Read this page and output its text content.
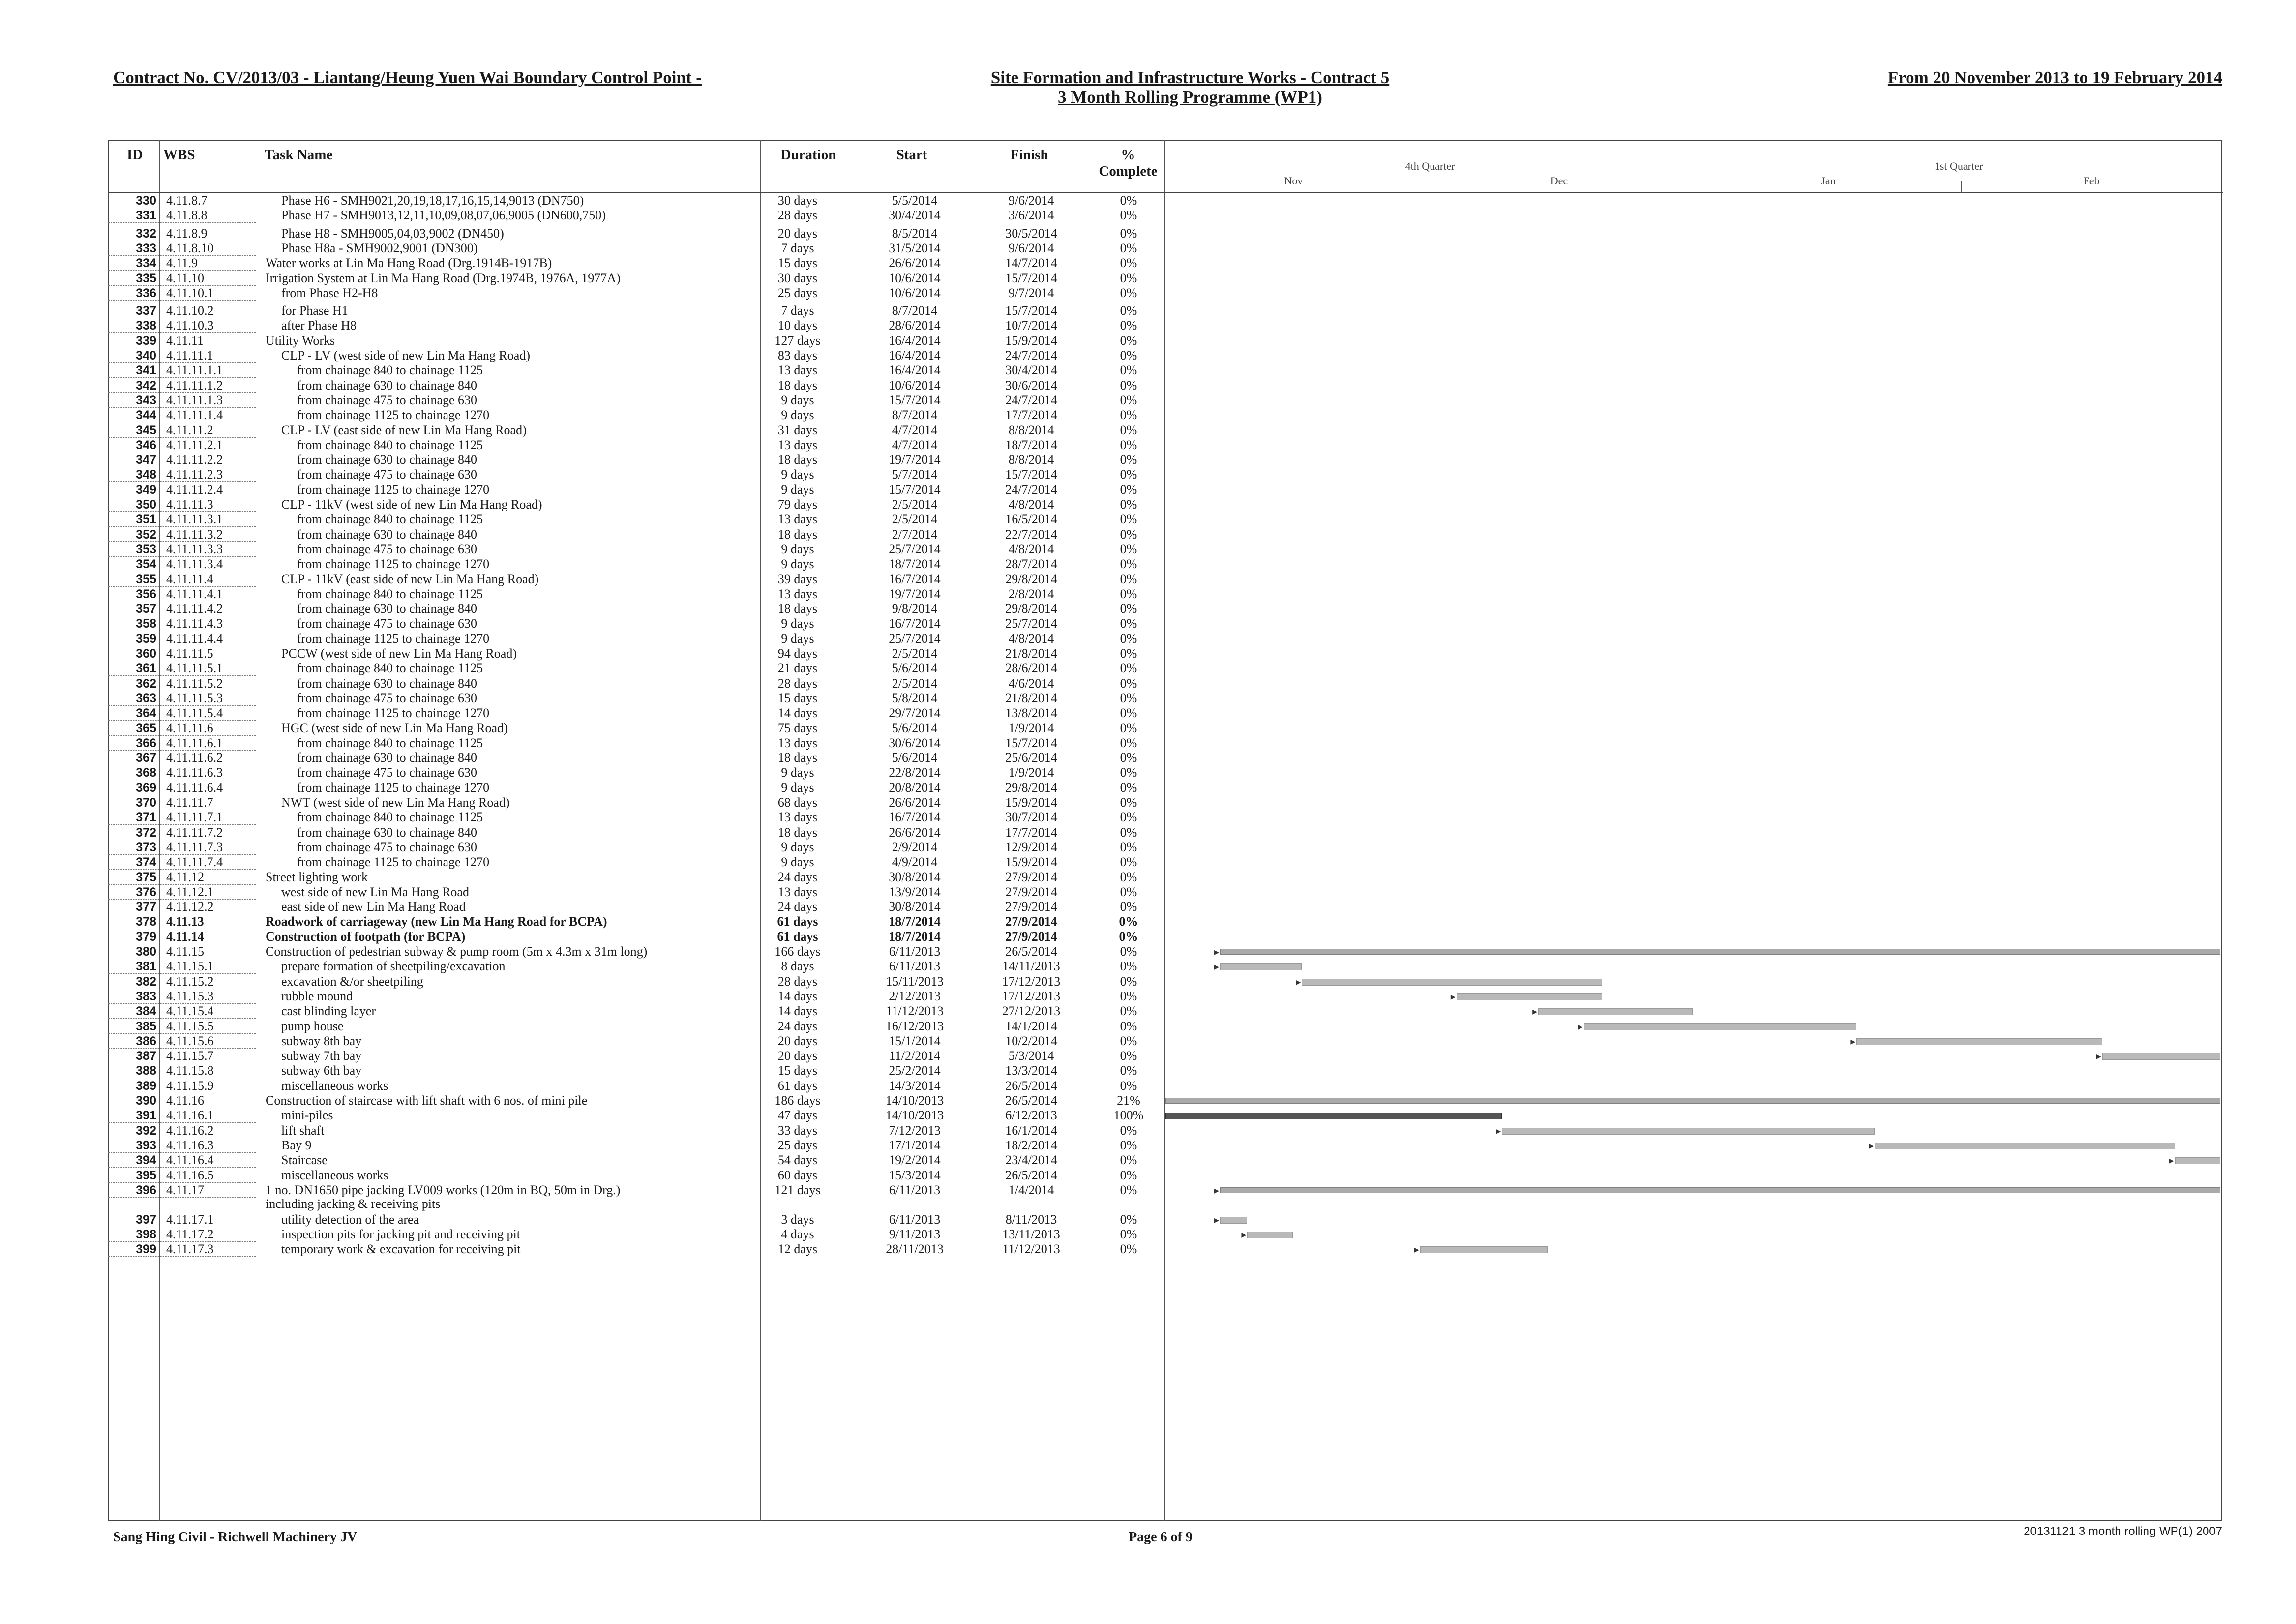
Contract No. CV/2013/03 - Liantang/Heung Yuen Wai Boundary Control Point -	Site Formation and Infrastructure Works - Contract 5
3 Month Rolling Programme (WP1)
From 20 November 2013 to 19 February 2014
ID WBS	Task Name	Duration	Start	Finish	%
Complete	4th Quarter	1st Quarter
Nov	Dec	Jan	Feb
330 4.11.8.7	Phase H6 - SMH9021,20,19,18,17,16,15,14,9013 (DN750)	30 days	5/5/2014	9/6/2014	0%
331 4.11.8.8	Phase H7 - SMH9013,12,11,10,09,08,07,06,9005 (DN600,750)	28 days	30/4/2014	3/6/2014	0%
332 4.11.8.9	Phase H8 - SMH9005,04,03,9002 (DN450)	20 days	8/5/2014	30/5/2014	0%
333 4.11.8.10	Phase H8a - SMH9002,9001 (DN300)	7 days	31/5/2014	9/6/2014	0%
334 4.11.9	Water works at Lin Ma Hang Road (Drg.1914B-1917B)	15 days	26/6/2014	14/7/2014	0%
335 4.11.10	Irrigation System at Lin Ma Hang Road (Drg.1974B, 1976A, 1977A)	30 days	10/6/2014	15/7/2014	0%
336 4.11.10.1	from Phase H2-H8	25 days	10/6/2014	9/7/2014	0%
337 4.11.10.2	for Phase H1	7 days	8/7/2014	15/7/2014	0%
338 4.11.10.3	after Phase H8	10 days	28/6/2014	10/7/2014	0%
339 4.11.11	Utility Works	127 days	16/4/2014	15/9/2014	0%
340 4.11.11.1	CLP - LV (west side of new Lin Ma Hang Road)	83 days	16/4/2014	24/7/2014	0%
341 4.11.11.1.1	from chainage 840 to chainage 1125	13 days	16/4/2014	30/4/2014	0%
342 4.11.11.1.2	from chainage 630 to chainage 840	18 days	10/6/2014	30/6/2014	0%
343 4.11.11.1.3	from chainage 475 to chainage 630	9 days	15/7/2014	24/7/2014	0%
344 4.11.11.1.4	from chainage 1125 to chainage 1270	9 days	8/7/2014	17/7/2014	0%
345 4.11.11.2	CLP - LV (east side of new Lin Ma Hang Road)	31 days	4/7/2014	8/8/2014	0%
346 4.11.11.2.1	from chainage 840 to chainage 1125	13 days	4/7/2014	18/7/2014	0%
347 4.11.11.2.2	from chainage 630 to chainage 840	18 days	19/7/2014	8/8/2014	0%
348 4.11.11.2.3	from chainage 475 to chainage 630	9 days	5/7/2014	15/7/2014	0%
349 4.11.11.2.4	from chainage 1125 to chainage 1270	9 days	15/7/2014	24/7/2014	0%
350 4.11.11.3	CLP - 11kV (west side of new Lin Ma Hang Road)	79 days	2/5/2014	4/8/2014	0%
351 4.11.11.3.1	from chainage 840 to chainage 1125	13 days	2/5/2014	16/5/2014	0%
352 4.11.11.3.2	from chainage 630 to chainage 840	18 days	2/7/2014	22/7/2014	0%
353 4.11.11.3.3	from chainage 475 to chainage 630	9 days	25/7/2014	4/8/2014	0%
354 4.11.11.3.4	from chainage 1125 to chainage 1270	9 days	18/7/2014	28/7/2014	0%
355 4.11.11.4	CLP - 11kV (east side of new Lin Ma Hang Road)	39 days	16/7/2014	29/8/2014	0%
356 4.11.11.4.1	from chainage 840 to chainage 1125	13 days	19/7/2014	2/8/2014	0%
357 4.11.11.4.2	from chainage 630 to chainage 840	18 days	9/8/2014	29/8/2014	0%
358 4.11.11.4.3	from chainage 475 to chainage 630	9 days	16/7/2014	25/7/2014	0%
359 4.11.11.4.4	from chainage 1125 to chainage 1270	9 days	25/7/2014	4/8/2014	0%
360 4.11.11.5	PCCW (west side of new Lin Ma Hang Road)	94 days	2/5/2014	21/8/2014	0%
361 4.11.11.5.1	from chainage 840 to chainage 1125	21 days	5/6/2014	28/6/2014	0%
362 4.11.11.5.2	from chainage 630 to chainage 840	28 days	2/5/2014	4/6/2014	0%
363 4.11.11.5.3	from chainage 475 to chainage 630	15 days	5/8/2014	21/8/2014	0%
364 4.11.11.5.4	from chainage 1125 to chainage 1270	14 days	29/7/2014	13/8/2014	0%
365 4.11.11.6	HGC (west side of new Lin Ma Hang Road)	75 days	5/6/2014	1/9/2014	0%
366 4.11.11.6.1	from chainage 840 to chainage 1125	13 days	30/6/2014	15/7/2014	0%
367 4.11.11.6.2	from chainage 630 to chainage 840	18 days	5/6/2014	25/6/2014	0%
368 4.11.11.6.3	from chainage 475 to chainage 630	9 days	22/8/2014	1/9/2014	0%
369 4.11.11.6.4	from chainage 1125 to chainage 1270	9 days	20/8/2014	29/8/2014	0%
370 4.11.11.7	NWT (west side of new Lin Ma Hang Road)	68 days	26/6/2014	15/9/2014	0%
371 4.11.11.7.1	from chainage 840 to chainage 1125	13 days	16/7/2014	30/7/2014	0%
372 4.11.11.7.2	from chainage 630 to chainage 840	18 days	26/6/2014	17/7/2014	0%
373 4.11.11.7.3	from chainage 475 to chainage 630	9 days	2/9/2014	12/9/2014	0%
374 4.11.11.7.4	from chainage 1125 to chainage 1270	9 days	4/9/2014	15/9/2014	0%
375 4.11.12	Street lighting work	24 days	30/8/2014	27/9/2014	0%
376 4.11.12.1	west side of new Lin Ma Hang Road	13 days	13/9/2014	27/9/2014	0%
377 4.11.12.2	east side of new Lin Ma Hang Road	24 days	30/8/2014	27/9/2014	0%
378 4.11.13	Roadwork of carriageway (new Lin Ma Hang Road for BCPA)	61 days	18/7/2014	27/9/2014	0%
379 4.11.14	Construction of footpath (for BCPA)	61 days	18/7/2014	27/9/2014	0%
380 4.11.15	Construction of pedestrian subway & pump room (5m x 4.3m x 31m long)	166 days	6/11/2013	26/5/2014	0%
381 4.11.15.1	prepare formation of sheetpiling/excavation	8 days	6/11/2013	14/11/2013	0%
382 4.11.15.2	excavation &/or sheetpiling	28 days	15/11/2013	17/12/2013	0%
383 4.11.15.3	rubble mound	14 days	2/12/2013	17/12/2013	0%
384 4.11.15.4	cast blinding layer	14 days	11/12/2013	27/12/2013	0%
385 4.11.15.5	pump house	24 days	16/12/2013	14/1/2014	0%
386 4.11.15.6	subway 8th bay	20 days	15/1/2014	10/2/2014	0%
387 4.11.15.7	subway 7th bay	20 days	11/2/2014	5/3/2014	0%
388 4.11.15.8	subway 6th bay	15 days	25/2/2014	13/3/2014	0%
389 4.11.15.9	miscellaneous works	61 days	14/3/2014	26/5/2014	0%
390 4.11.16	Construction of staircase with lift shaft with 6 nos. of mini pile	186 days	14/10/2013	26/5/2014	21%
391 4.11.16.1	mini-piles	47 days	14/10/2013	6/12/2013	100%
392 4.11.16.2	lift shaft	33 days	7/12/2013	16/1/2014	0%
393 4.11.16.3	Bay 9	25 days	17/1/2014	18/2/2014	0%
394 4.11.16.4	Staircase	54 days	19/2/2014	23/4/2014	0%
395 4.11.16.5	miscellaneous works	60 days	15/3/2014	26/5/2014	0%
396 4.11.17	1 no. DN1650 pipe jacking LV009 works (120m in BQ, 50m in Drg.)	121 days	6/11/2013	1/4/2014	0%
including jacking & receiving pits
397 4.11.17.1	utility detection of the area	3 days	6/11/2013	8/11/2013	0%
398 4.11.17.2	inspection pits for jacking pit and receiving pit	4 days	9/11/2013	13/11/2013	0%
399 4.11.17.3	temporary work & excavation for receiving pit	12 days	28/11/2013	11/12/2013	0%
▸
▸
▸
▸
▸
▸
▸
▸
▸
▸
▸
▸
▸
▸
▸
Sang Hing Civil - Richwell Machinery JV	Page 6 of 9	20131121 3 month rolling WP(1) 2007
